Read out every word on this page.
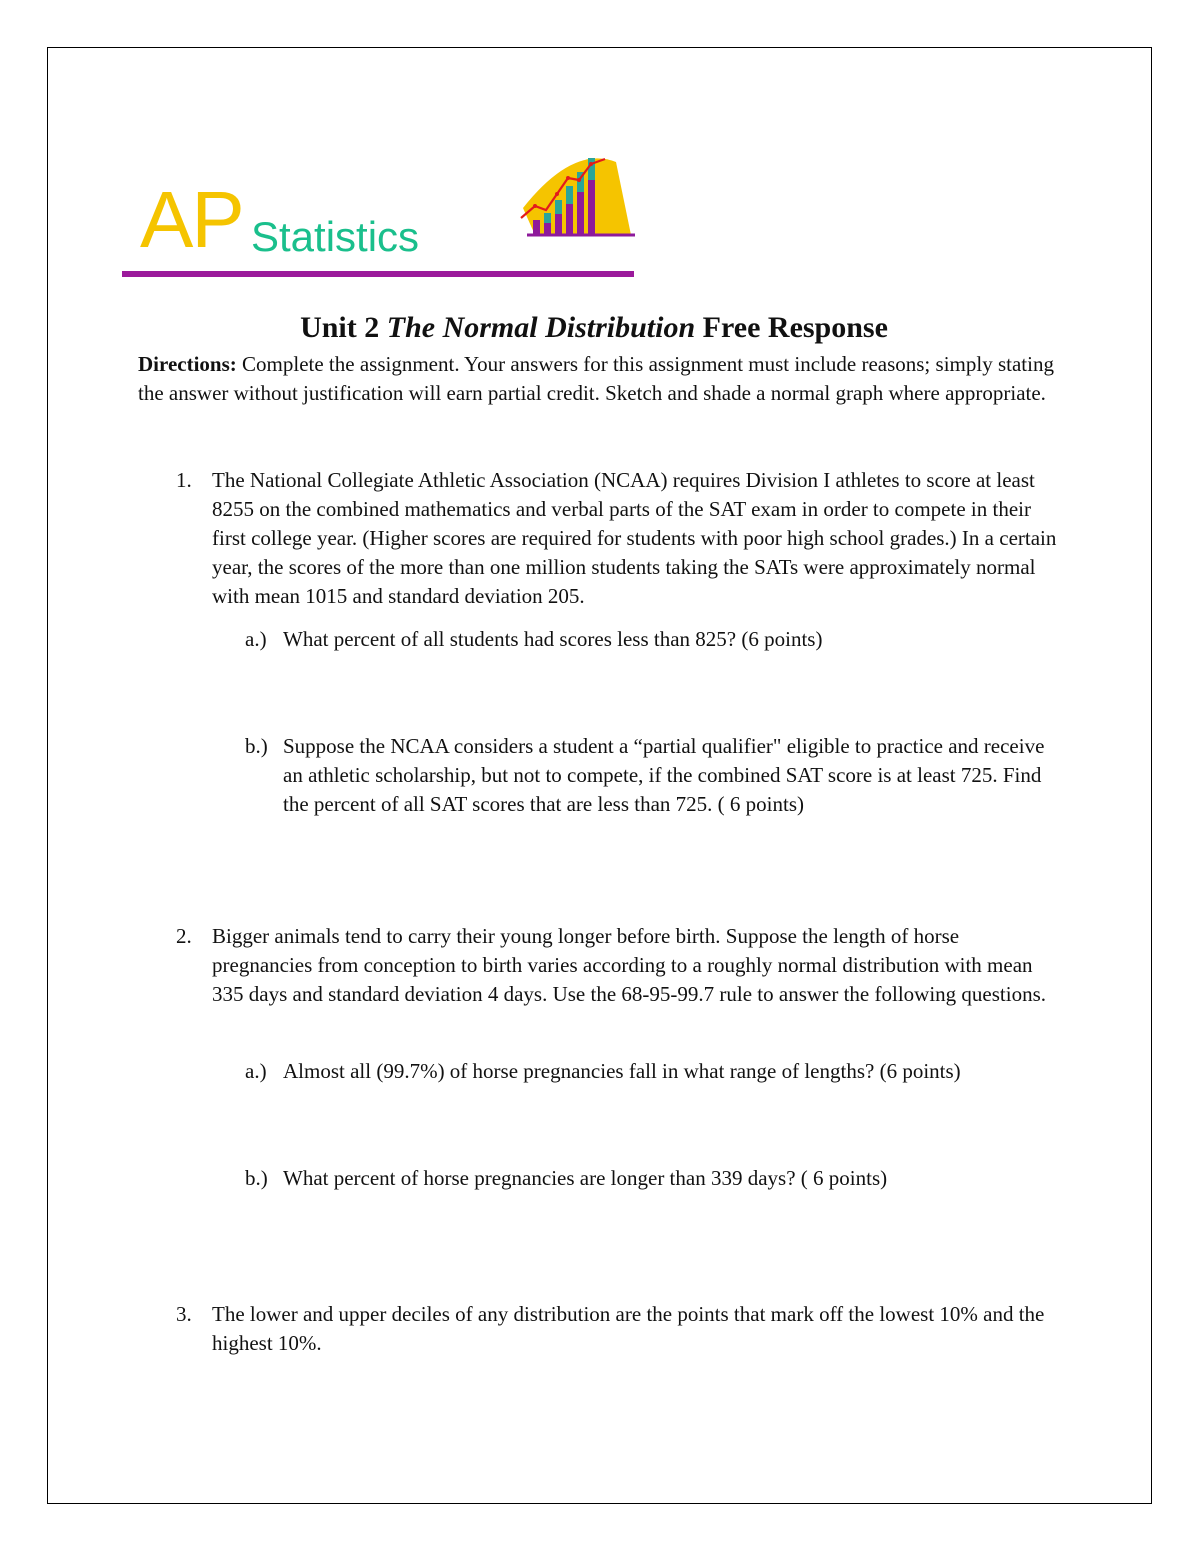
AP Statistics
Unit 2 The Normal Distribution Free Response
Directions: Complete the assignment. Your answers for this assignment must include reasons; simply stating the answer without justification will earn partial credit. Sketch and shade a normal graph where appropriate.
1. The National Collegiate Athletic Association (NCAA) requires Division I athletes to score at least 8255 on the combined mathematics and verbal parts of the SAT exam in order to compete in their first college year. (Higher scores are required for students with poor high school grades.) In a certain year, the scores of the more than one million students taking the SATs were approximately normal with mean 1015 and standard deviation 205.
a.) What percent of all students had scores less than 825? (6 points)
b.) Suppose the NCAA considers a student a “partial qualifier" eligible to practice and receive an athletic scholarship, but not to compete, if the combined SAT score is at least 725. Find the percent of all SAT scores that are less than 725. ( 6 points)
2. Bigger animals tend to carry their young longer before birth. Suppose the length of horse pregnancies from conception to birth varies according to a roughly normal distribution with mean 335 days and standard deviation 4 days. Use the 68-95-99.7 rule to answer the following questions.
a.) Almost all (99.7%) of horse pregnancies fall in what range of lengths? (6 points)
b.) What percent of horse pregnancies are longer than 339 days? ( 6 points)
3. The lower and upper deciles of any distribution are the points that mark off the lowest 10% and the highest 10%.
